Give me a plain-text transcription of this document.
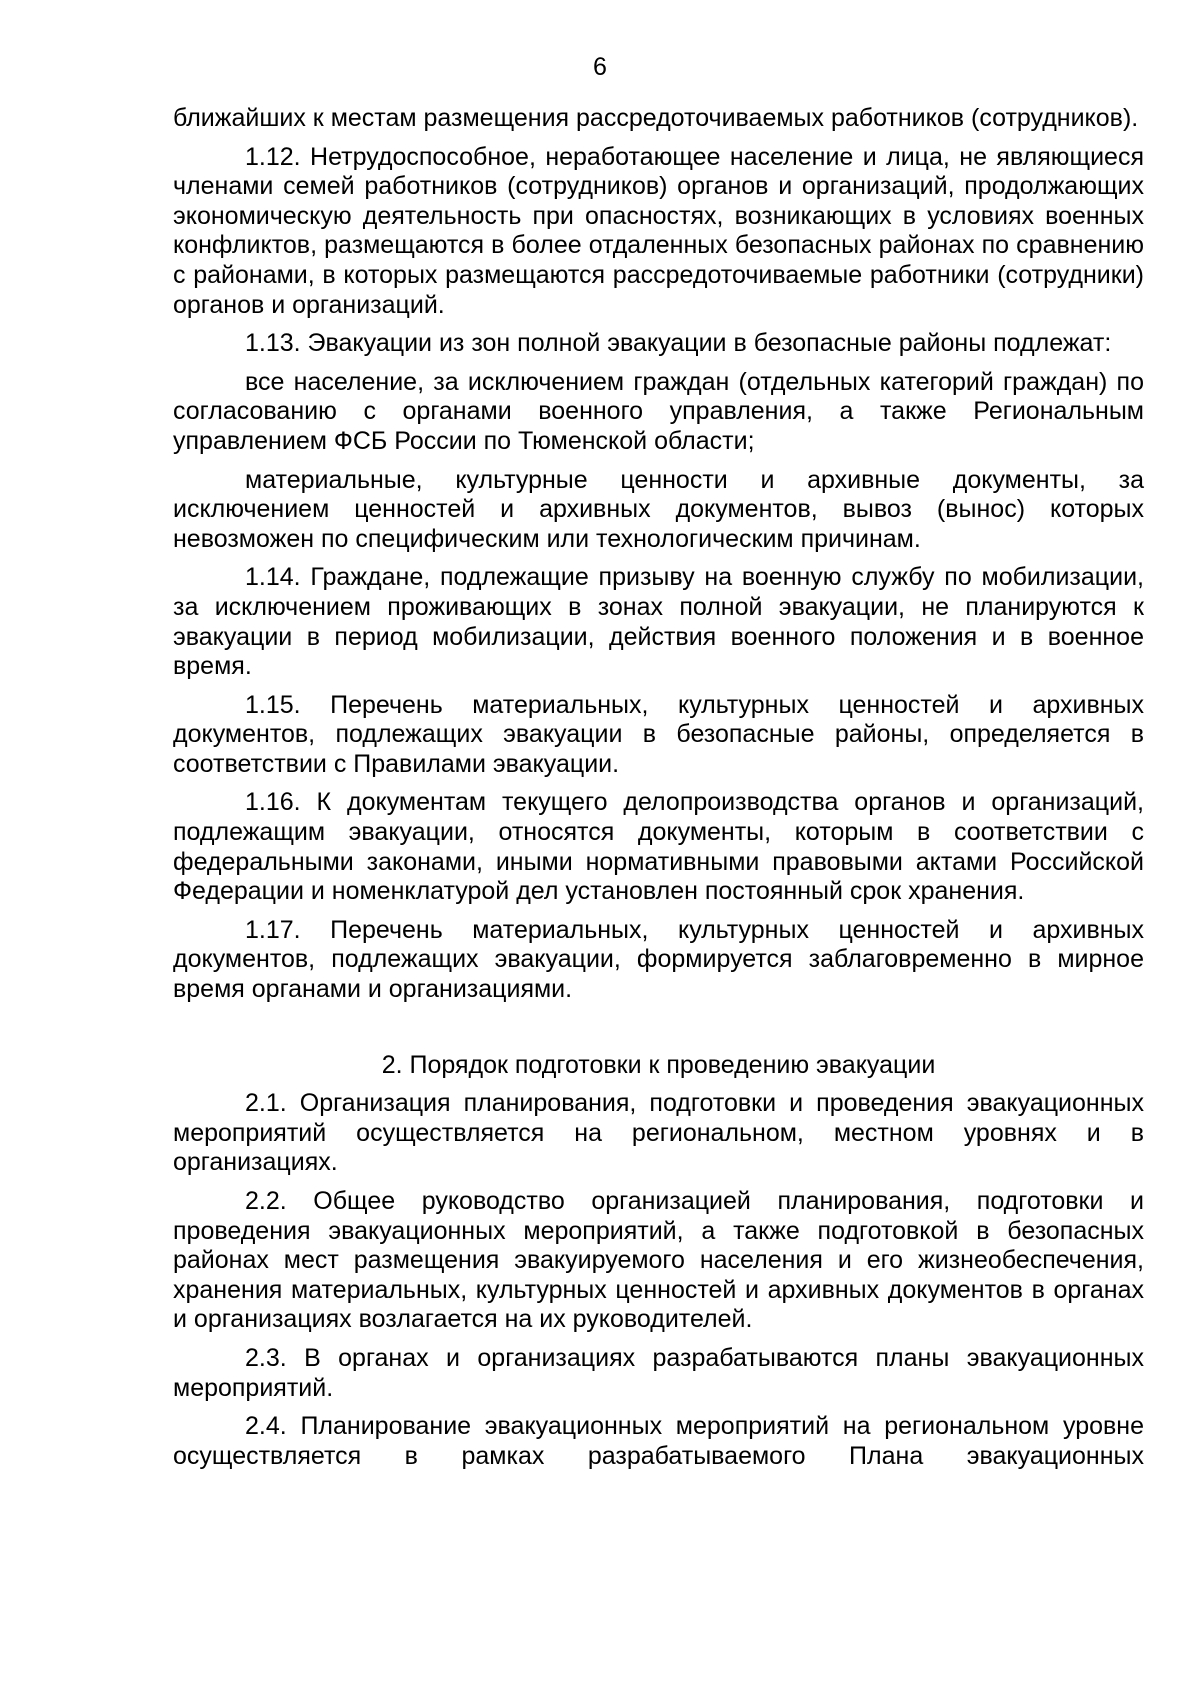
6

ближайших к местам размещения рассредоточиваемых работников (сотрудников).

1.12. Нетрудоспособное, неработающее население и лица, не являющиеся членами семей работников (сотрудников) органов и организаций, продолжающих экономическую деятельность при опасностях, возникающих в условиях военных конфликтов, размещаются в более отдаленных безопасных районах по сравнению с районами, в которых размещаются рассредоточиваемые работники (сотрудники) органов и организаций.

1.13. Эвакуации из зон полной эвакуации в безопасные районы подлежат:

все население, за исключением граждан (отдельных категорий граждан) по согласованию с органами военного управления, а также Региональным управлением ФСБ России по Тюменской области;

материальные, культурные ценности и архивные документы, за исключением ценностей и архивных документов, вывоз (вынос) которых невозможен по специфическим или технологическим причинам.

1.14. Граждане, подлежащие призыву на военную службу по мобилизации, за исключением проживающих в зонах полной эвакуации, не планируются к эвакуации в период мобилизации, действия военного положения и в военное время.

1.15. Перечень материальных, культурных ценностей и архивных документов, подлежащих эвакуации в безопасные районы, определяется в соответствии с Правилами эвакуации.

1.16. К документам текущего делопроизводства органов и организаций, подлежащим эвакуации, относятся документы, которым в соответствии с федеральными законами, иными нормативными правовыми актами Российской Федерации и номенклатурой дел установлен постоянный срок хранения.

1.17. Перечень материальных, культурных ценностей и архивных документов, подлежащих эвакуации, формируется заблаговременно в мирное время органами и организациями.

2. Порядок подготовки к проведению эвакуации

2.1. Организация планирования, подготовки и проведения эвакуационных мероприятий осуществляется на региональном, местном уровнях и в организациях.

2.2. Общее руководство организацией планирования, подготовки и проведения эвакуационных мероприятий, а также подготовкой в безопасных районах мест размещения эвакуируемого населения и его жизнеобеспечения, хранения материальных, культурных ценностей и архивных документов в органах и организациях возлагается на их руководителей.

2.3. В органах и организациях разрабатываются планы эвакуационных мероприятий.

2.4. Планирование эвакуационных мероприятий на региональном уровне осуществляется в рамках разрабатываемого Плана эвакуационных
